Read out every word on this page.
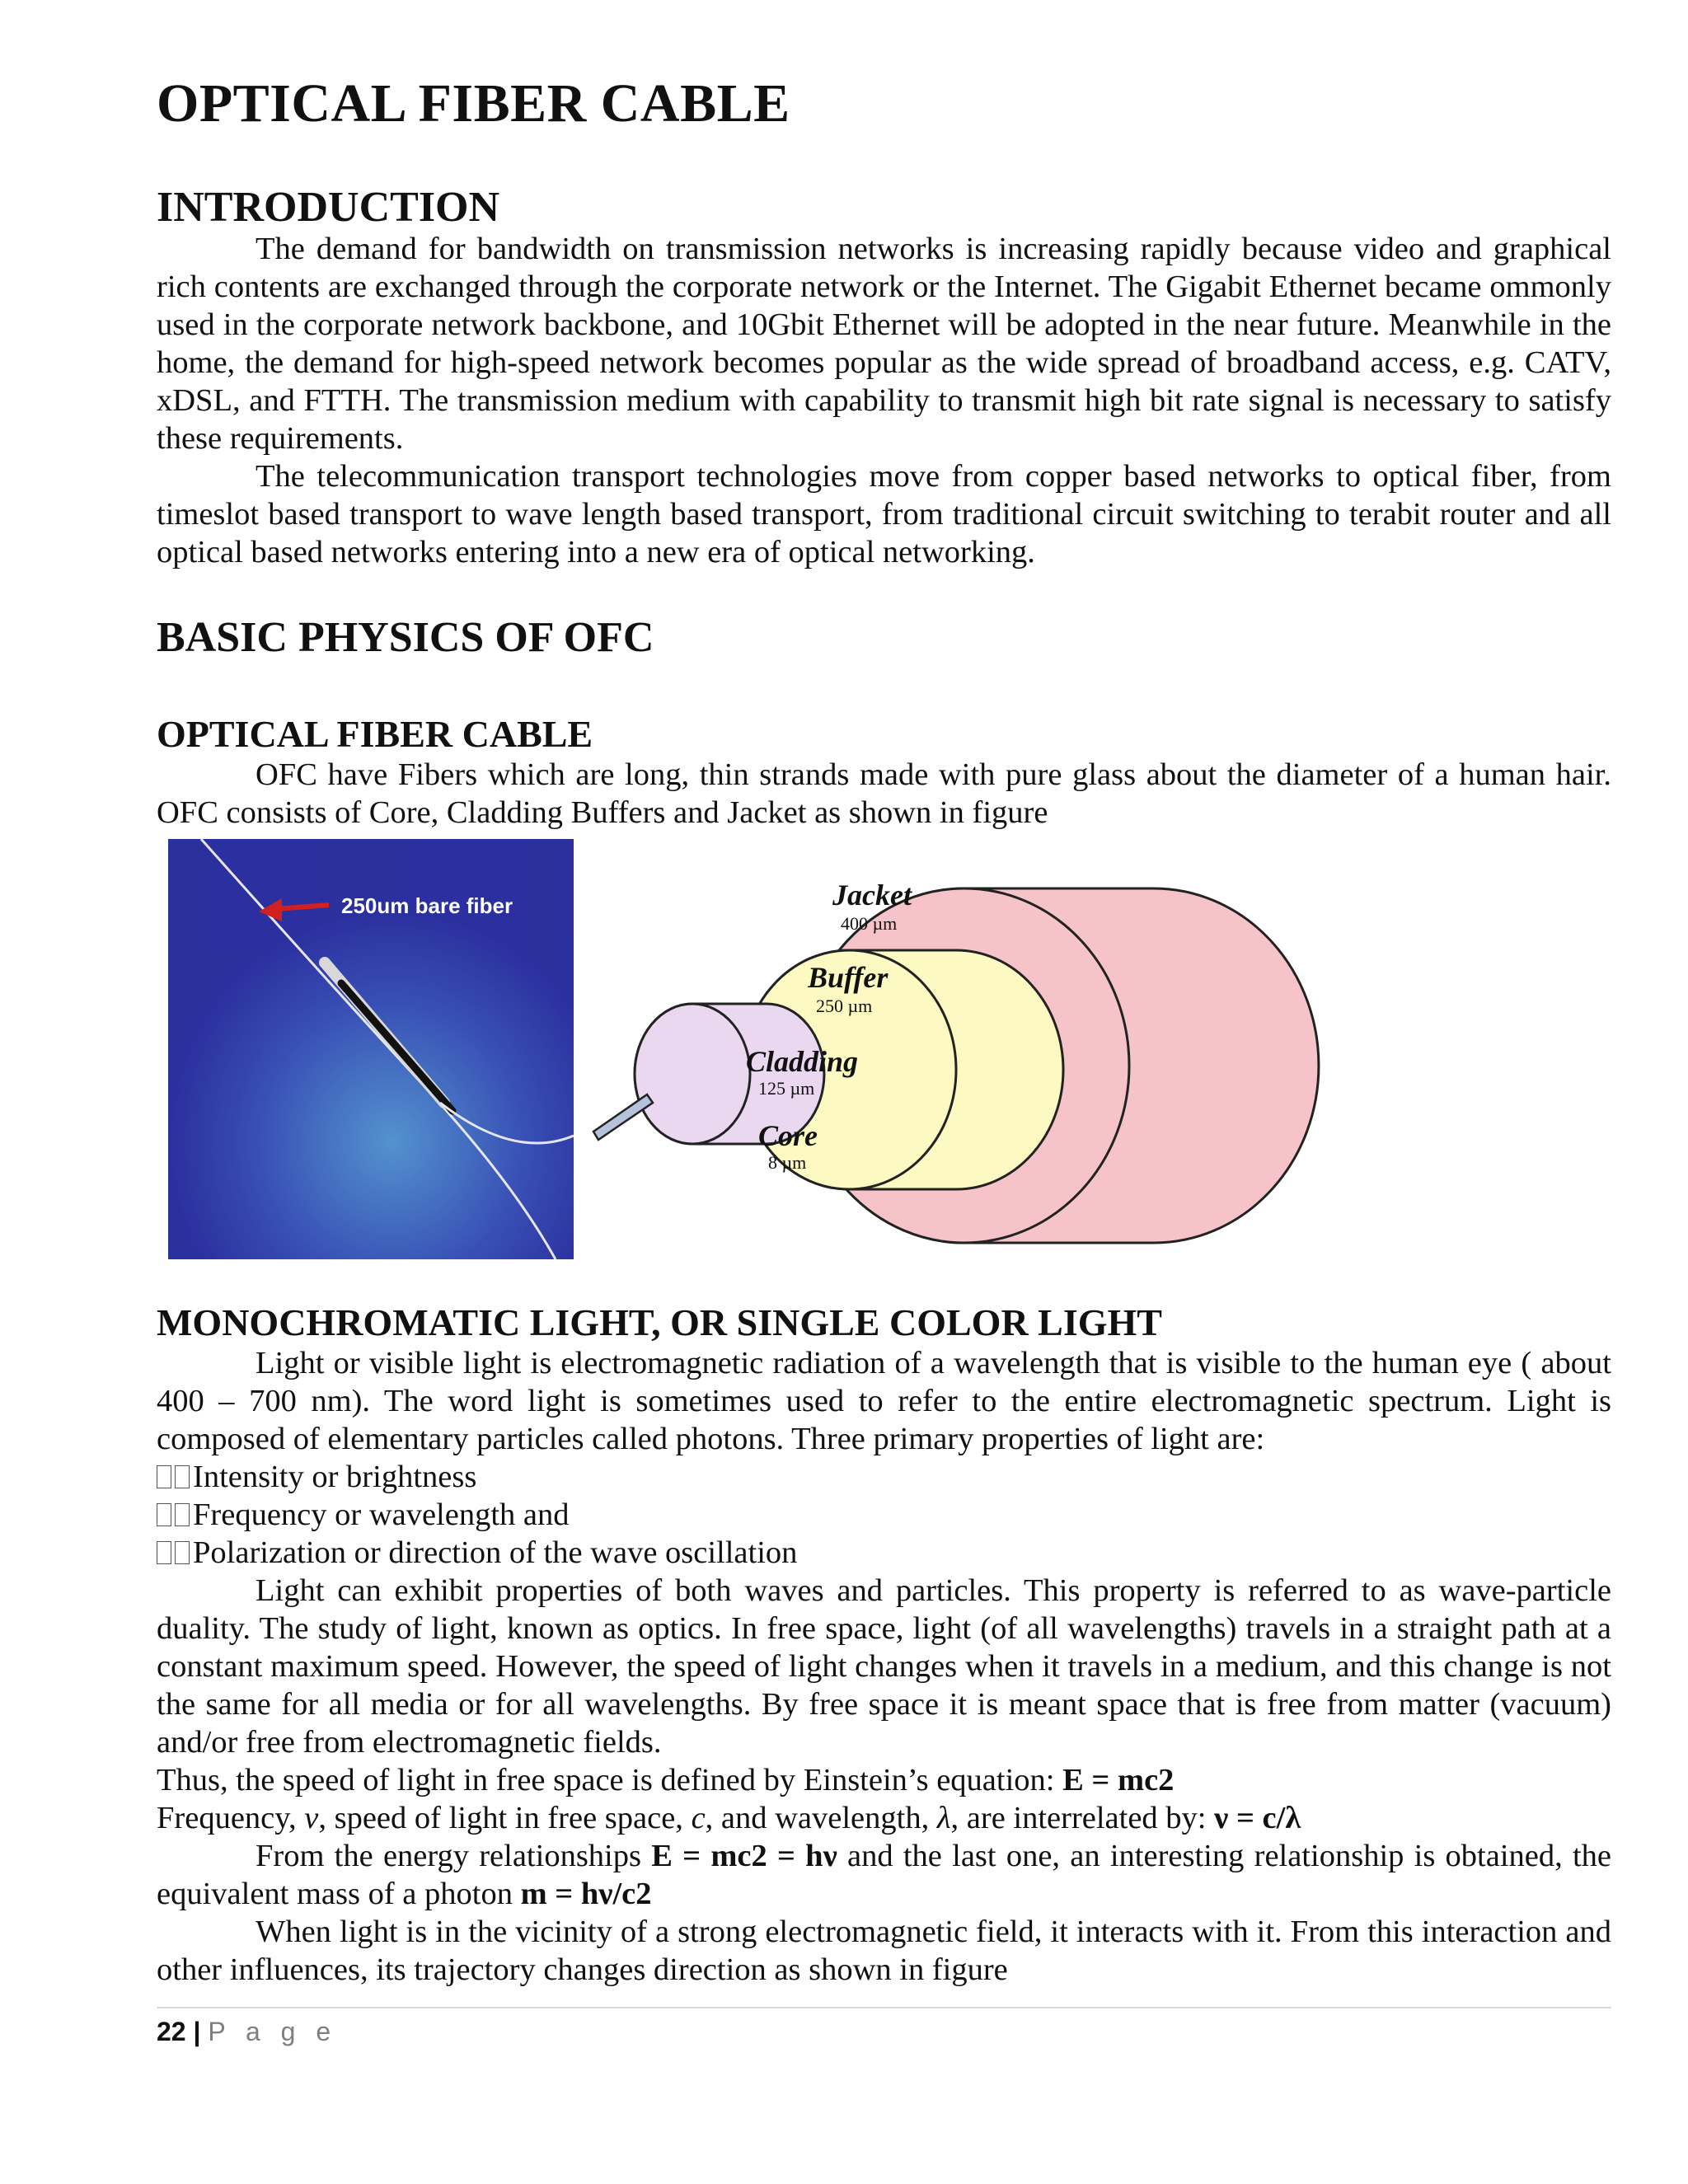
OPTICAL FIBER CABLE
INTRODUCTION

The demand for bandwidth on transmission networks is increasing rapidly because video and graphical rich contents are exchanged through the corporate network or the Internet. The Gigabit Ethernet became ommonly used in the corporate network backbone, and 10Gbit Ethernet will be adopted in the near future. Meanwhile in the home, the demand for high-speed network becomes popular as the wide spread of broadband access, e.g. CATV, xDSL, and FTTH. The transmission medium with capability to transmit high bit rate signal is necessary to satisfy these requirements.

The telecommunication transport technologies move from copper based networks to optical fiber, from timeslot based transport to wave length based transport, from traditional circuit switching to terabit router and all optical based networks entering into a new era of optical networking.

BASIC PHYSICS OF OFC
OPTICAL FIBER CABLE

OFC have Fibers which are long, thin strands made with pure glass about the diameter of a human hair. OFC consists of Core, Cladding Buffers and Jacket as shown in figure

250um bare fiber	Jacket
400 µm
Buffer
250 µm
Cladding
125 µm
Core
8 µm
MONOCHROMATIC LIGHT, OR SINGLE COLOR LIGHT

Light or visible light is electromagnetic radiation of a wavelength that is visible to the human eye ( about 400 – 700 nm). The word light is sometimes used to refer to the entire electromagnetic spectrum. Light is composed of elementary particles called photons. Three primary properties of light are:

Intensity or brightness
Frequency or wavelength and
Polarization or direction of the wave oscillation

Light can exhibit properties of both waves and particles. This property is referred to as wave-particle duality. The study of light, known as optics. In free space, light (of all wavelengths) travels in a straight path at a constant maximum speed. However, the speed of light changes when it travels in a medium, and this change is not the same for all media or for all wavelengths. By free space it is meant space that is free from matter (vacuum) and/or free from electromagnetic fields.

Thus, the speed of light in free space is defined by Einstein’s equation: E = mc2

Frequency, v, speed of light in free space, c, and wavelength, λ, are interrelated by: ν = c/λ

From the energy relationships E = mc2 = hν and the last one, an interesting relationship is obtained, the equivalent mass of a photon m = hν/c2

When light is in the vicinity of a strong electromagnetic field, it interacts with it. From this interaction and other influences, its trajectory changes direction as shown in figure

22 | P a g e
